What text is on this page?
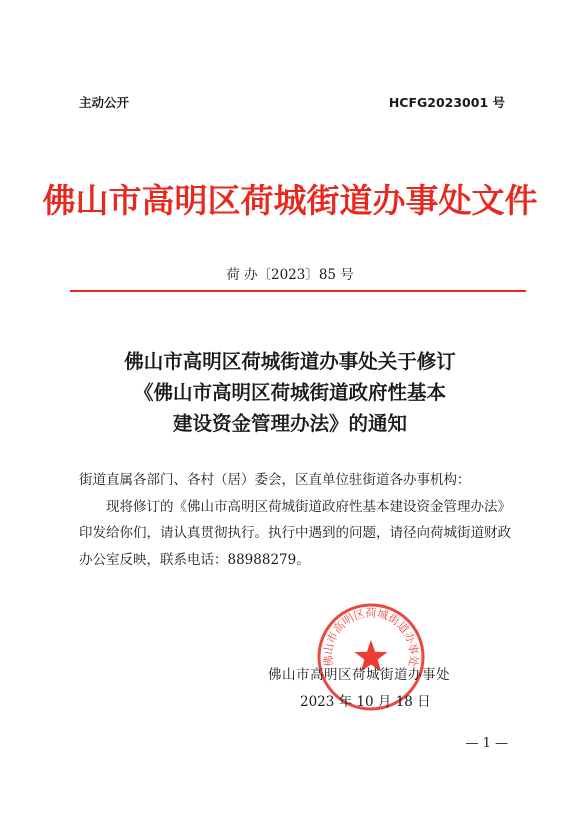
主动公开	HCFG2023001 号
佛山市高明区荷城街道办事处文件
荷 办〔2023〕85 号
佛山市高明区荷城街道办事处关于修订
《佛山市高明区荷城街道政府性基本
建设资金管理办法》的通知

街道直属各部门、各村（居）委会，区直单位驻街道各办事机构：

现将修订的《佛山市高明区荷城街道政府性基本建设资金管理办法》印发给你们，请认真贯彻执行。执行中遇到的问题，请径向荷城街道财政办公室反映，联系电话：88988279。

佛山市高明区荷城街道办事处
佛山市高明区荷城街道办事处
2023 年 10 月 18 日
— 1 —
